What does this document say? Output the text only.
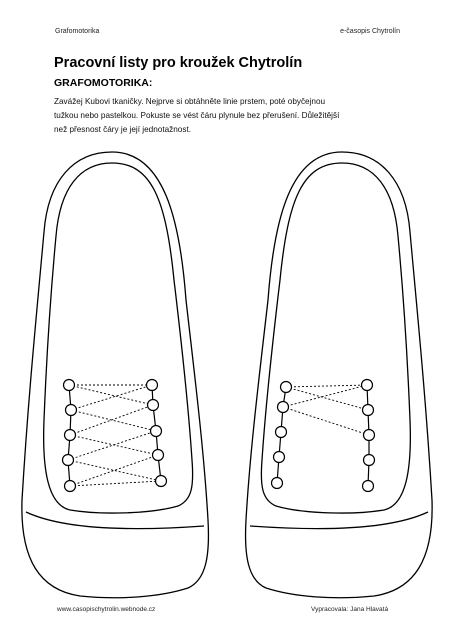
Grafomotorika	e-časopis Chytrolín
Pracovní listy pro kroužek Chytrolín
GRAFOMOTORIKA:
Zavážej Kubovi tkaničky. Nejprve si obtáhněte linie prstem, poté obyčejnou
tužkou nebo pastelkou. Pokuste se vést čáru plynule bez přerušení. Důležitější
než přesnost čáry je její jednotažnost.
www.casopischytrolin.webnode.cz	Vypracovala: Jana Hlavatá
